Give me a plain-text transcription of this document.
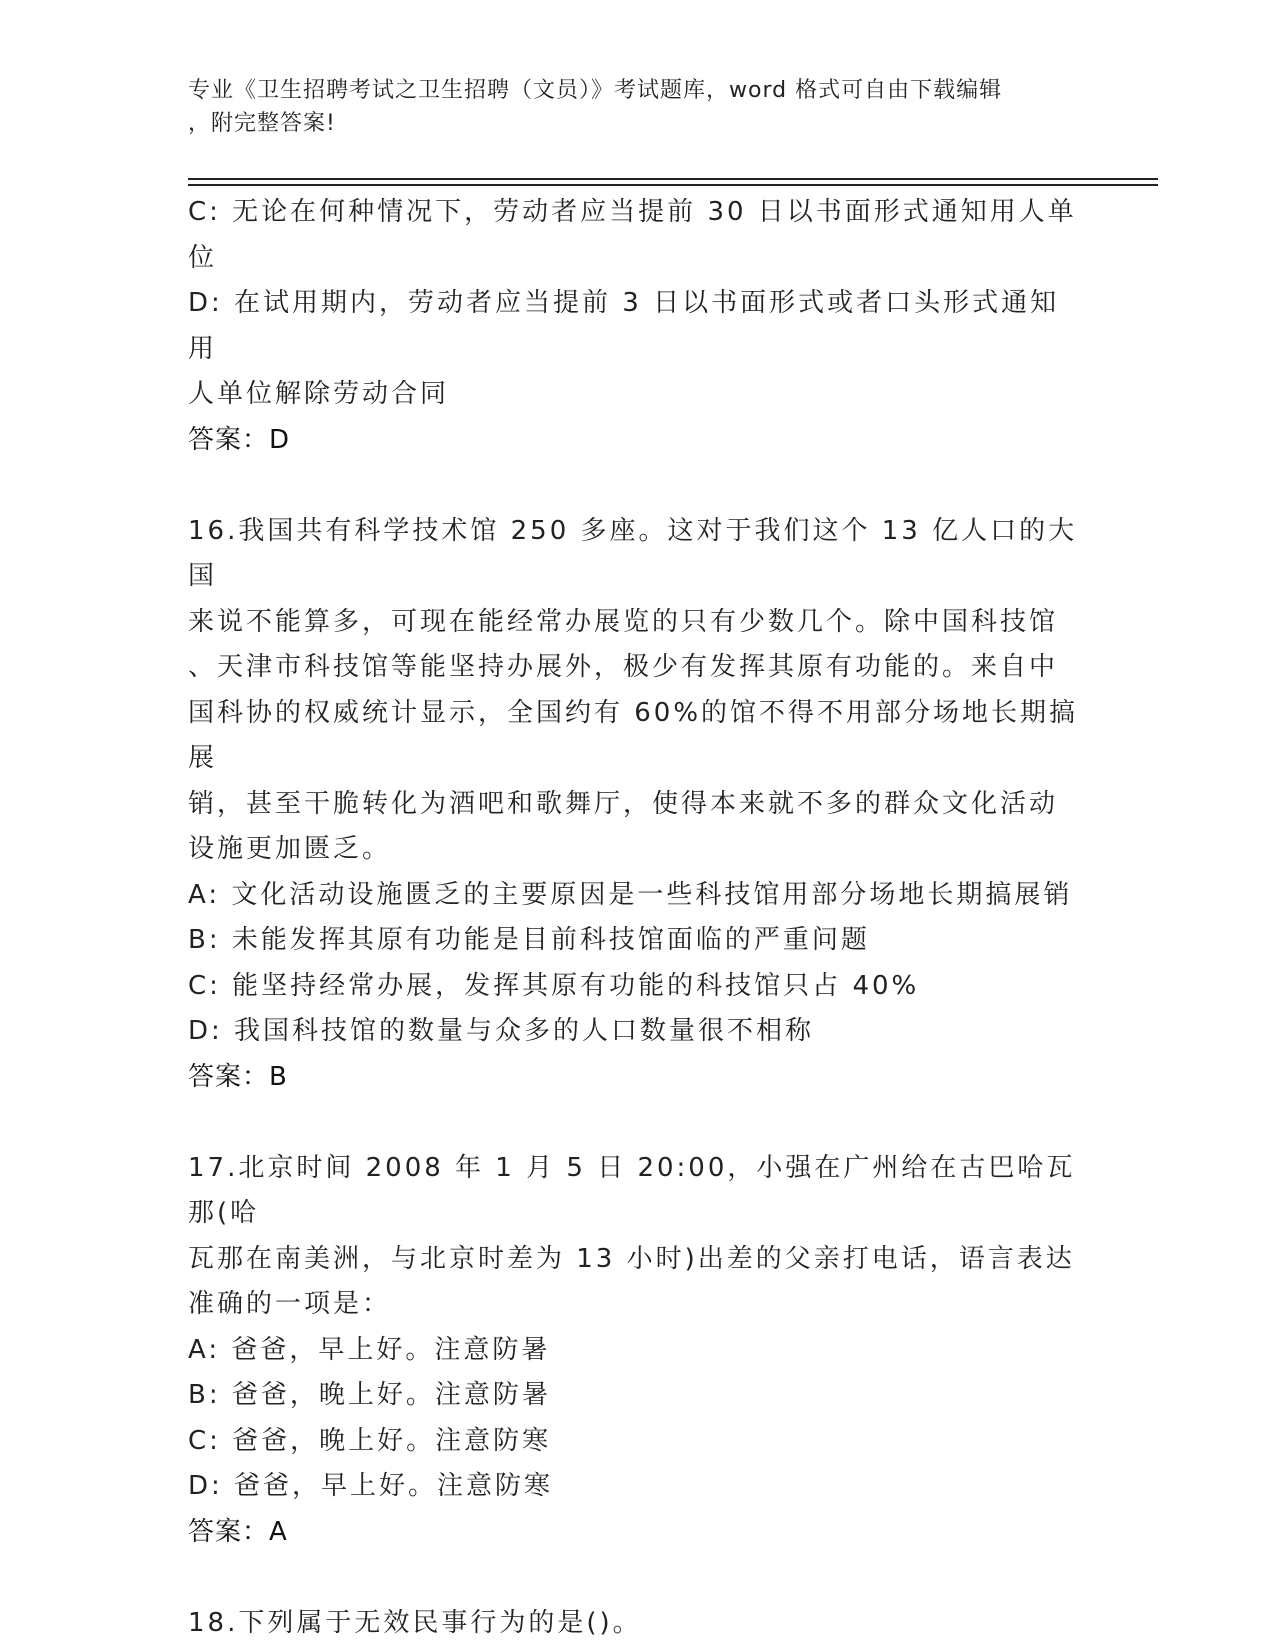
专业《卫生招聘考试之卫生招聘（文员）》考试题库，word 格式可自由下载编辑
，附完整答案!
C: 无论在何种情况下，劳动者应当提前 30 日以书面形式通知用人单
位
D: 在试用期内，劳动者应当提前 3 日以书面形式或者口头形式通知用
人单位解除劳动合同
答案：D
16.我国共有科学技术馆 250 多座。这对于我们这个 13 亿人口的大国
来说不能算多，可现在能经常办展览的只有少数几个。除中国科技馆
、天津市科技馆等能坚持办展外，极少有发挥其原有功能的。来自中
国科协的权威统计显示，全国约有 60%的馆不得不用部分场地长期搞展
销，甚至干脆转化为酒吧和歌舞厅，使得本来就不多的群众文化活动
设施更加匮乏。
A: 文化活动设施匮乏的主要原因是一些科技馆用部分场地长期搞展销
B: 未能发挥其原有功能是目前科技馆面临的严重问题
C: 能坚持经常办展，发挥其原有功能的科技馆只占 40%
D: 我国科技馆的数量与众多的人口数量很不相称
答案：B
17.北京时间 2008 年 1 月 5 日 20:00，小强在广州给在古巴哈瓦那(哈
瓦那在南美洲，与北京时差为 13 小时)出差的父亲打电话，语言表达
准确的一项是：
A: 爸爸，早上好。注意防暑
B: 爸爸，晚上好。注意防暑
C: 爸爸，晚上好。注意防寒
D: 爸爸，早上好。注意防寒
答案：A
18.下列属于无效民事行为的是()。
